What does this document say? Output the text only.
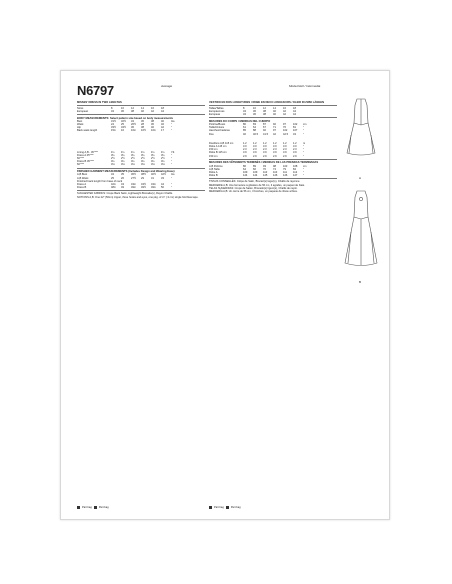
N6797	Average	Moda Fácil / Intermedia
MISSES' DRESS IN TWO LENGTHS
Sizes	8	10	12	14	16	18
European	34	36	38	40	42	44
BODY MEASUREMENTS: Select pattern size based on body measurements
Bust	31½	32½	34	36	38	40	Ins.
Waist	24	25	26½	28	30	32	"
Hip	33½	34½	36	38	40	42	"
Back waist length	15¾	16	16¼	16½	16¾	17	"
Lining A,B - 45"***	1¼	1¼	1¼	1¼	1¼	1¼	Yd.
Dress A 45"***	3¼	3¼	3¼	3¼	3¼	3¼	"
60"***	2½	2½	2½	2½	2½	2½	"
Dress B 45"***	4¼	4¼	4¼	4¼	4¼	4¼	"
60"***	3⅛	3⅛	3⅛	3⅛	3⅛	3⅛	"
FINISHED GARMENT MEASUREMENTS (Includes Design and Wearing Ease)
A,B Bust	34	35	36½	38½	40½	42½	Ins.
A,B Waist	25	26	27½	29	31	33	"
Finished back length from base of neck
Dress A	42¾	43	43¼	43½	43¾	44	"
Dress B	48¾	49	49¼	49½	49¾	50	"
SUGGESTED FABRICS: Crepe Back Satin, Lightweight Brocade(s), Rayon Challis.
NOTIONS A,B: One 22" (56cm) zipper, three hooks and eyes, one pkg. of ⅛" (.3 cm) single fold bias tape.
VESTIDO EN DOS LONGITUDES / ROBE EN DEUX LONGUEURS / KLEID IN ZWEI LÄNGEN
Tallas/Tailles	8	10	12	14	16	18
Européennes	34	36	38	40	42	44
Europeas	34	36	38	40	42	44
MESURES DU CORPS / MEDIDAS DEL CUERPO
Poitrine/Busto	80	83	87	92	97	102	cm
Taille/Cintura	61	64	67	71	76	81	"
Hanches/Caderas	85	88	92	97	102	107	"
Dos	40	40.5	41.5	42	42.5	43	"
Doublure A,B 115 cm	1.2	1.2	1.2	1.2	1.2	1.2	m
Robe A 115 cm	3.0	3.0	3.0	3.0	3.0	3.0	"
150 cm	2.3	2.3	2.3	2.3	2.3	2.3	"
Robe B 115 cm	3.9	3.9	3.9	3.9	3.9	3.9	"
150 cm	2.9	2.9	2.9	2.9	2.9	2.9	"
MESURES DES VÊTEMENTS TERMINÉS / MEDIDAS DE LAS PRENDAS TERMINADAS
A,B Poitrine	86	89	93	98	103	108	cm
A,B Taille	64	66	70	74	79	84	"
Robe A	109	109	110	110	111	112	"
Robe B	124	124	125	126	126	127	"
TISSUS CONSEILLÉS: Crêpe de Satin, Brocart(s) léger(s), Challis de rayonne.
MERCERIE A,B: Une fermeture à glissière de 56 cm, 3 agrafes, un paquet de biais.
TELAS SUGERIDAS: Crepé de Satén, Brocado(s) ligero(s), Challis de rayón.
MERCERÍA A,B: Un cierre de 56 cm, 3 broches, un paquete de ribete al bies.
A
B
Part bag	Part bag	Part bag	Part bag
